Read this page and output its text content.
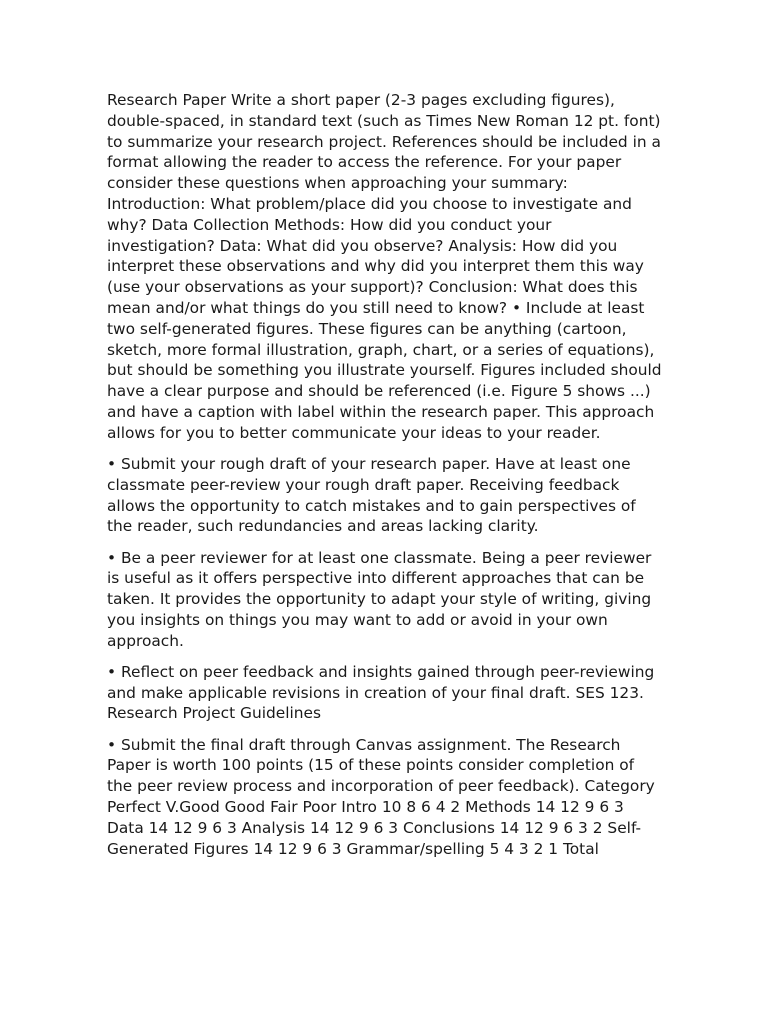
Research Paper Write a short paper (2-3 pages excluding figures), double-spaced, in standard text (such as Times New Roman 12 pt. font) to summarize your research project. References should be included in a format allowing the reader to access the reference. For your paper consider these questions when approaching your summary: Introduction: What problem/place did you choose to investigate and why? Data Collection Methods: How did you conduct your investigation? Data: What did you observe? Analysis: How did you interpret these observations and why did you interpret them this way (use your observations as your support)? Conclusion: What does this mean and/or what things do you still need to know? • Include at least two self-generated figures. These figures can be anything (cartoon, sketch, more formal illustration, graph, chart, or a series of equations), but should be something you illustrate yourself. Figures included should have a clear purpose and should be referenced (i.e. Figure 5 shows ...) and have a caption with label within the research paper. This approach allows for you to better communicate your ideas to your reader.

• Submit your rough draft of your research paper. Have at least one classmate peer-review your rough draft paper. Receiving feedback allows the opportunity to catch mistakes and to gain perspectives of the reader, such redundancies and areas lacking clarity.

• Be a peer reviewer for at least one classmate. Being a peer reviewer is useful as it offers perspective into different approaches that can be taken. It provides the opportunity to adapt your style of writing, giving you insights on things you may want to add or avoid in your own approach.

• Reflect on peer feedback and insights gained through peer-reviewing and make applicable revisions in creation of your final draft. SES 123. Research Project Guidelines

• Submit the final draft through Canvas assignment. The Research Paper is worth 100 points (15 of these points consider completion of the peer review process and incorporation of peer feedback). Category Perfect V.Good Good Fair Poor Intro 10 8 6 4 2 Methods 14 12 9 6 3 Data 14 12 9 6 3 Analysis 14 12 9 6 3 Conclusions 14 12 9 6 3 2 Self-Generated Figures 14 12 9 6 3 Grammar/spelling 5 4 3 2 1 Total
